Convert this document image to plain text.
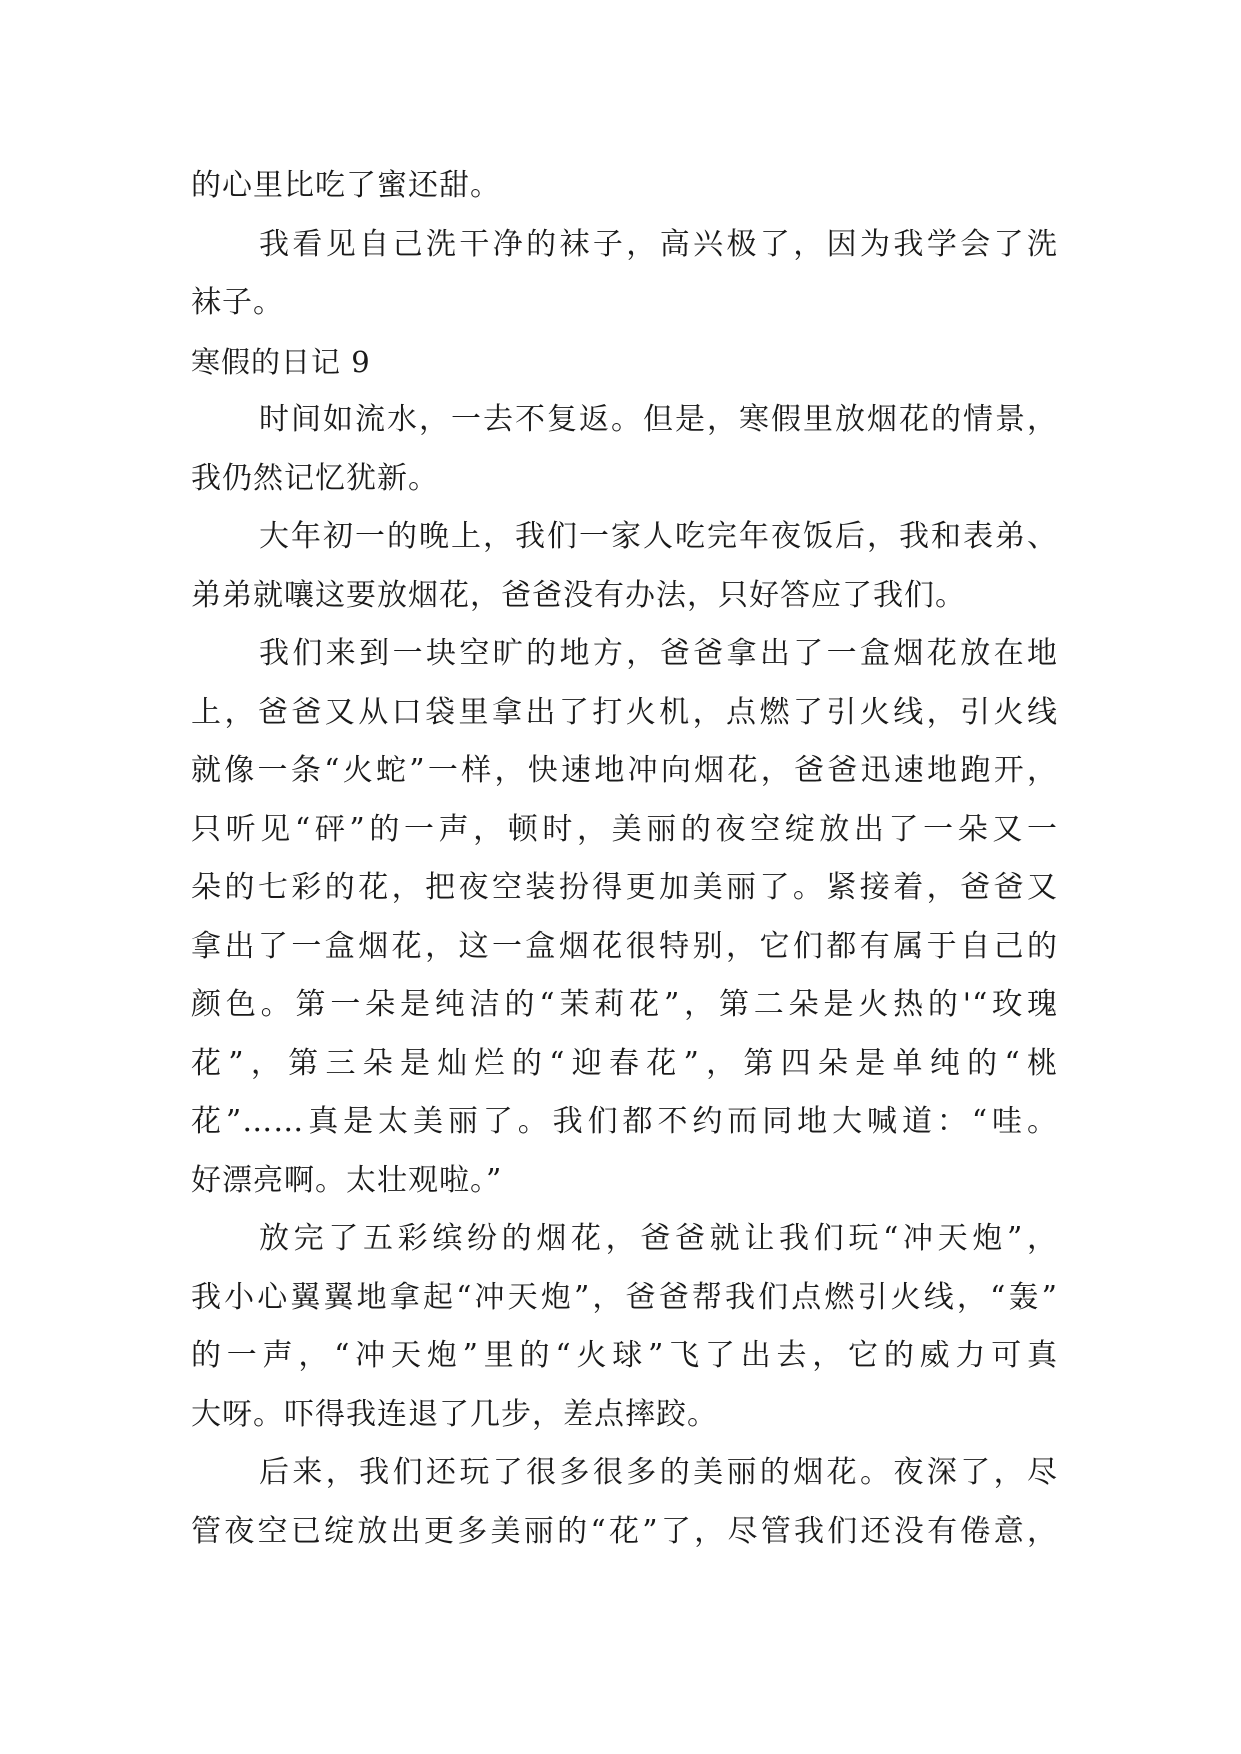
的心里比吃了蜜还甜。
我看见自己洗干净的袜子，高兴极了，因为我学会了洗
袜子。
寒假的日记 9
时间如流水，一去不复返。但是，寒假里放烟花的情景，
我仍然记忆犹新。
大年初一的晚上，我们一家人吃完年夜饭后，我和表弟、
弟弟就嚷这要放烟花，爸爸没有办法，只好答应了我们。
我们来到一块空旷的地方，爸爸拿出了一盒烟花放在地
上，爸爸又从口袋里拿出了打火机，点燃了引火线，引火线
就像一条“火蛇”一样，快速地冲向烟花，爸爸迅速地跑开，
只听见“砰”的一声，顿时，美丽的夜空绽放出了一朵又一
朵的七彩的花，把夜空装扮得更加美丽了。紧接着，爸爸又
拿出了一盒烟花，这一盒烟花很特别，它们都有属于自己的
颜色。第一朵是纯洁的“茉莉花”，第二朵是火热的'“玫瑰
花”，第三朵是灿烂的“迎春花”，第四朵是单纯的“桃
花”……真是太美丽了。我们都不约而同地大喊道：“哇。
好漂亮啊。太壮观啦。”
放完了五彩缤纷的烟花，爸爸就让我们玩“冲天炮”，
我小心翼翼地拿起“冲天炮”，爸爸帮我们点燃引火线，“轰”
的一声，“冲天炮”里的“火球”飞了出去，它的威力可真
大呀。吓得我连退了几步，差点摔跤。
后来，我们还玩了很多很多的美丽的烟花。夜深了，尽
管夜空已绽放出更多美丽的“花”了，尽管我们还没有倦意，
